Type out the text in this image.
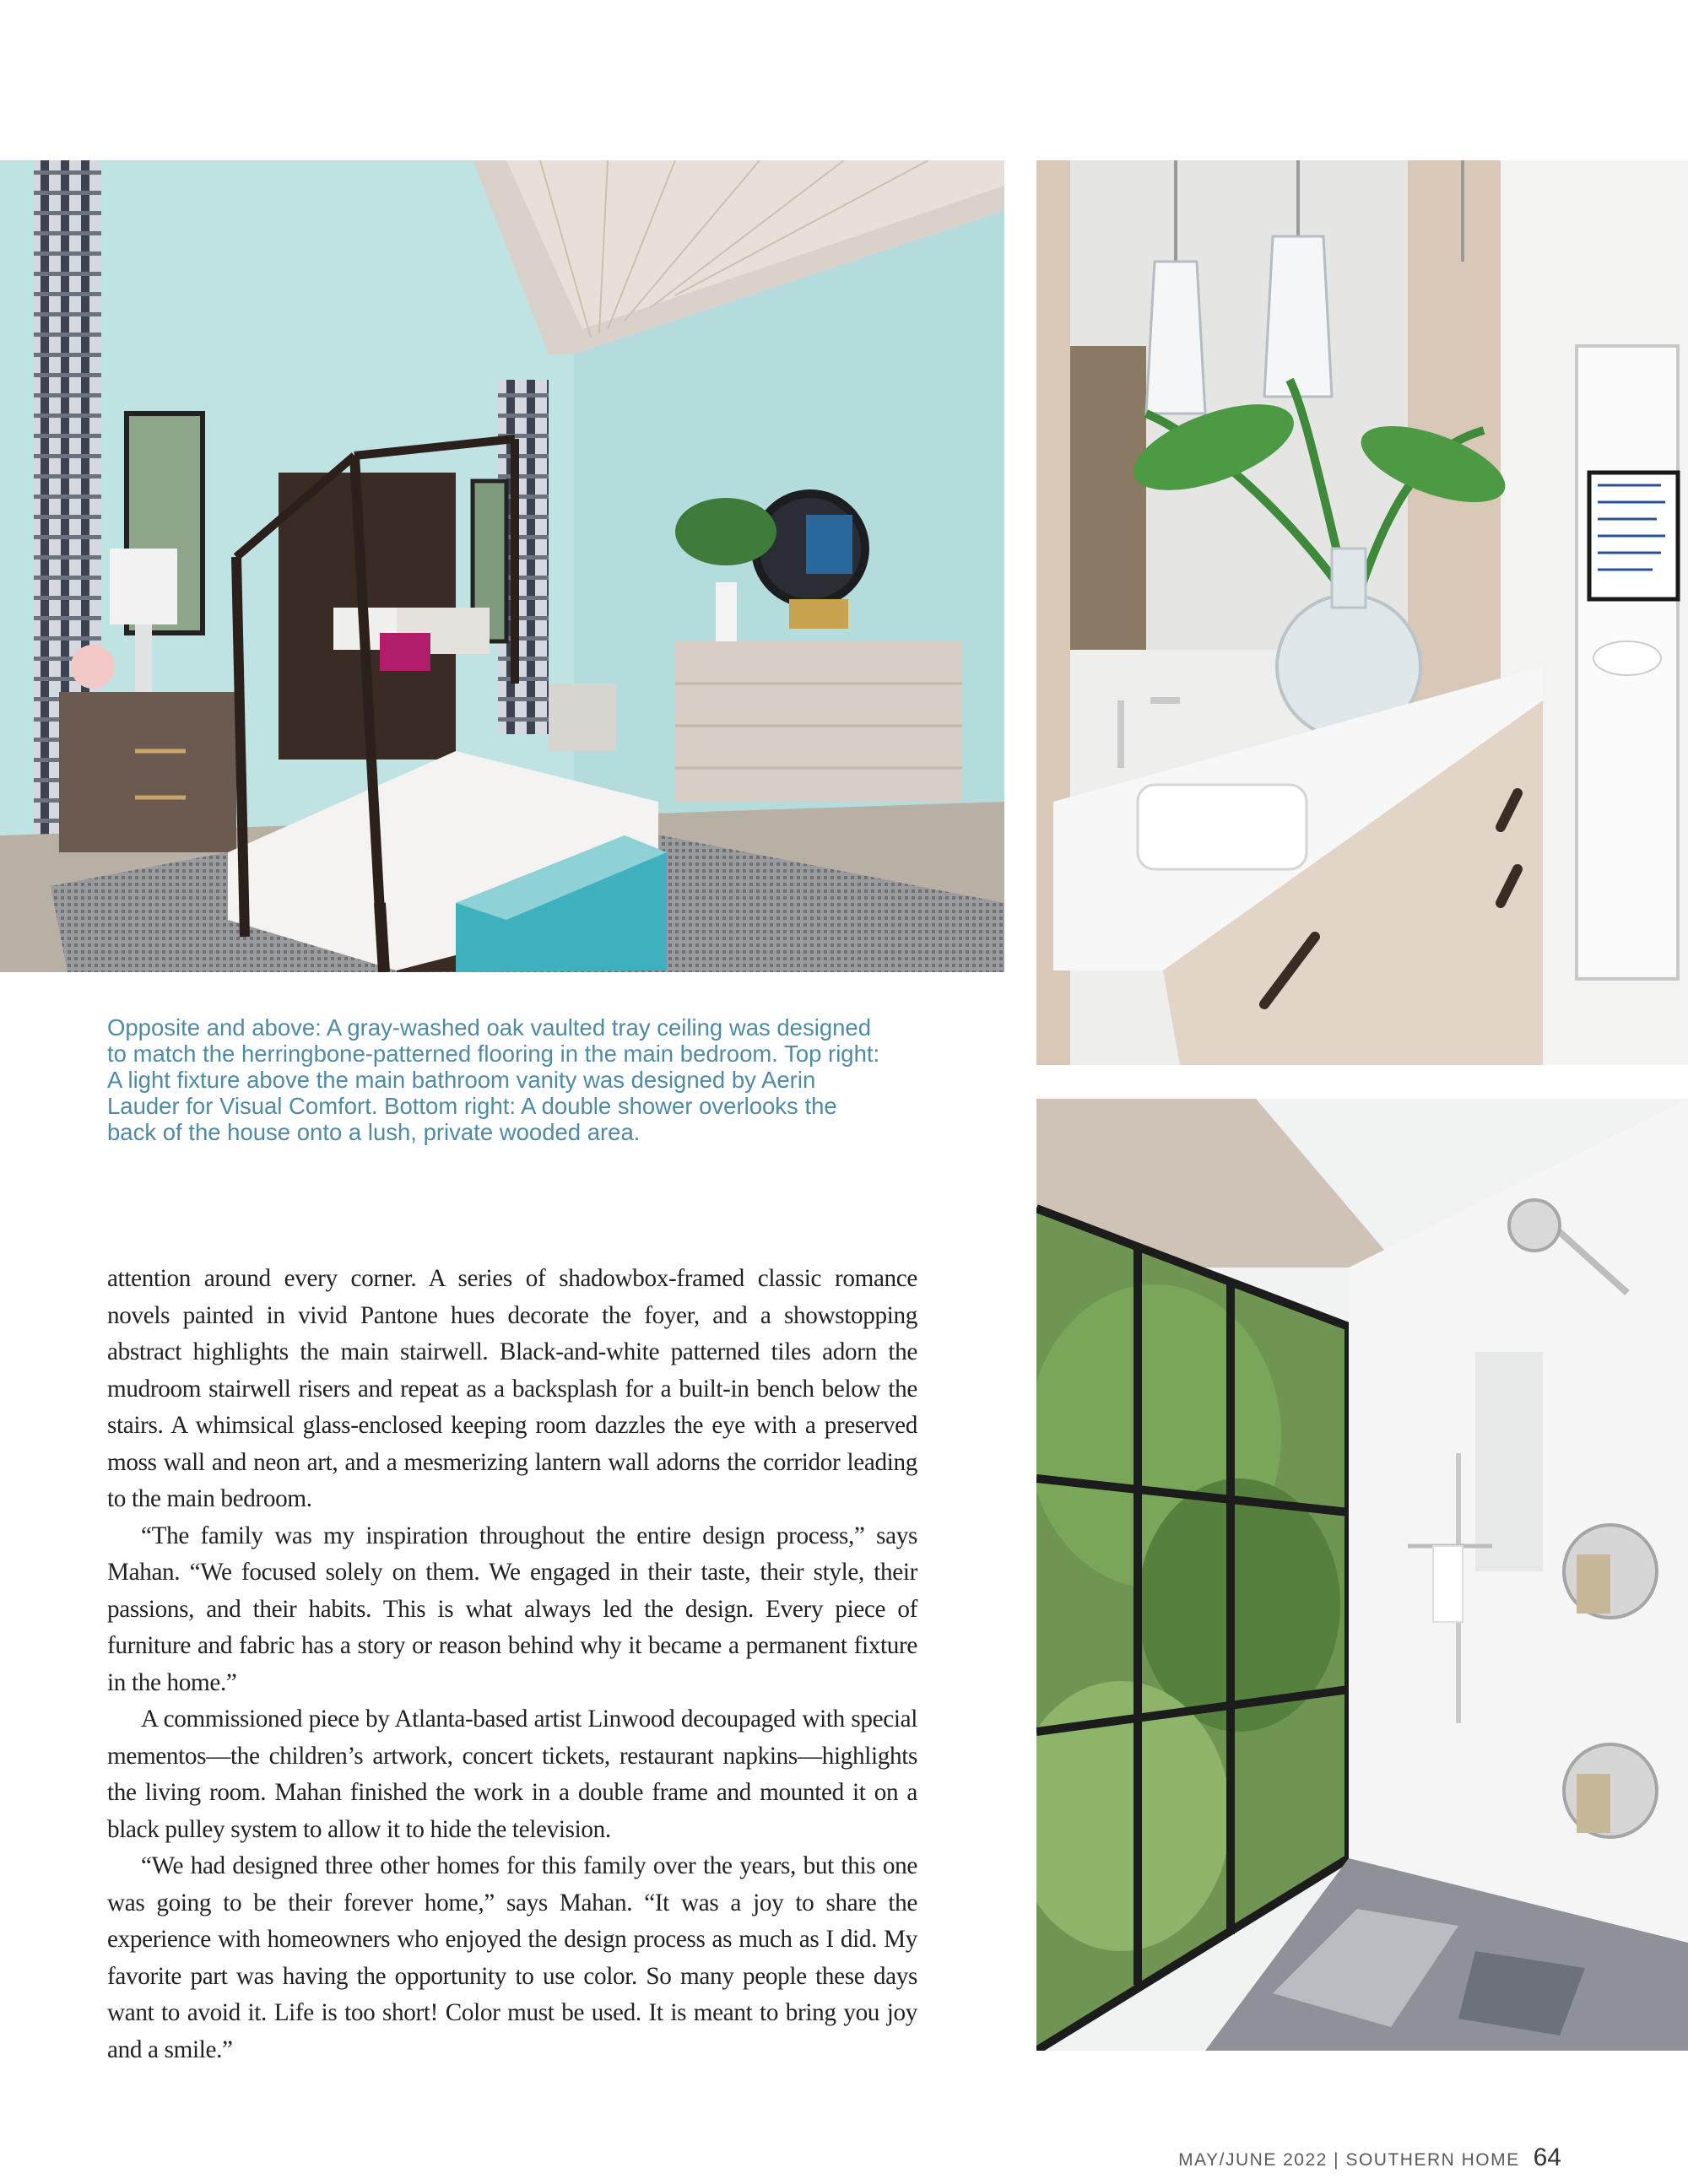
Opposite and above: A gray-washed oak vaulted tray ceiling was designed to match the herringbone-patterned flooring in the main bedroom. Top right: A light fixture above the main bathroom vanity was designed by Aerin Lauder for Visual Comfort. Bottom right: A double shower overlooks the back of the house onto a lush, private wooded area.

attention around every corner. A series of shadowbox-framed classic romance novels painted in vivid Pantone hues decorate the foyer, and a showstopping abstract highlights the main stairwell. Black-and-white patterned tiles adorn the mudroom stairwell risers and repeat as a backsplash for a built-in bench below the stairs. A whimsical glass-enclosed keeping room dazzles the eye with a preserved moss wall and neon art, and a mesmerizing lantern wall adorns the corridor leading to the main bedroom.

“The family was my inspiration throughout the entire design process,” says Mahan. “We focused solely on them. We engaged in their taste, their style, their passions, and their habits. This is what always led the design. Every piece of furniture and fabric has a story or reason behind why it became a permanent fixture in the home.”

A commissioned piece by Atlanta-based artist Linwood decoupaged with special mementos—the children’s artwork, concert tickets, restaurant napkins—highlights the living room. Mahan finished the work in a double frame and mounted it on a black pulley system to allow it to hide the television.

“We had designed three other homes for this family over the years, but this one was going to be their forever home,” says Mahan. “It was a joy to share the experience with homeowners who enjoyed the design process as much as I did. My favorite part was having the opportunity to use color. So many people these days want to avoid it. Life is too short! Color must be used. It is meant to bring you joy and a smile.”

MAY/JUNE 2022 | SOUTHERN HOME 64
